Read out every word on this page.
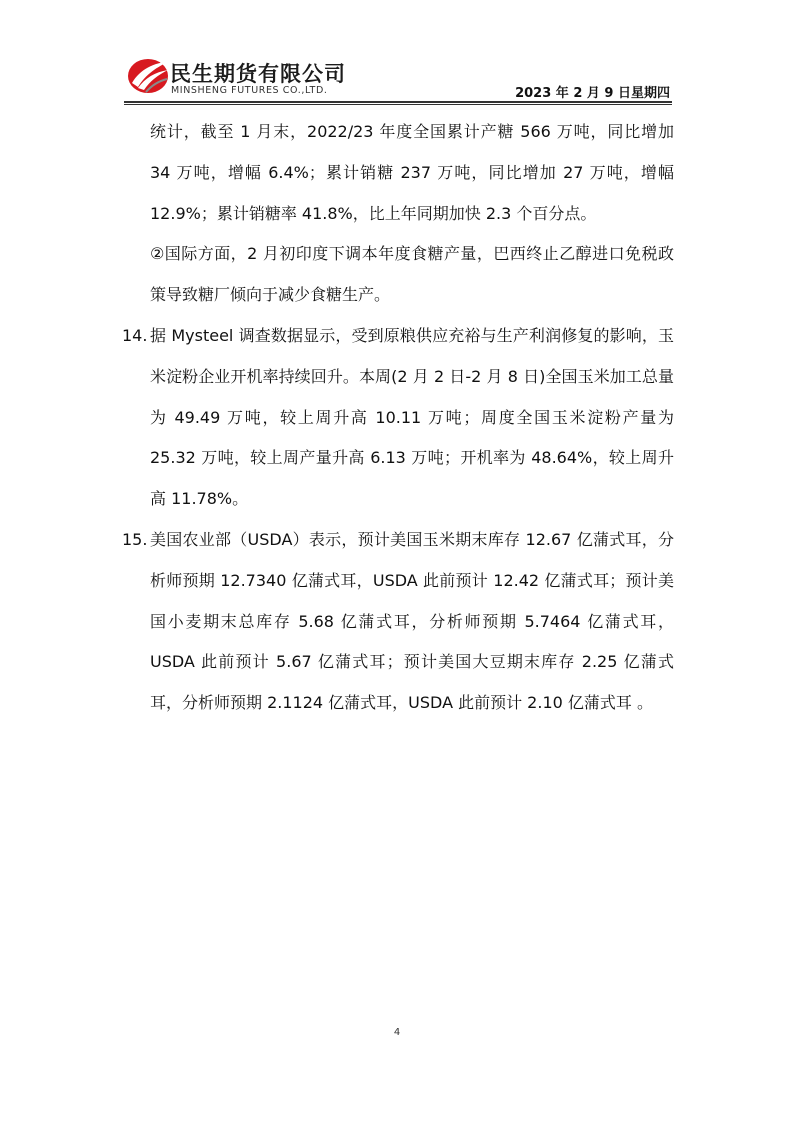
民生期货有限公司
MINSHENG FUTURES CO.,LTD.	2023 年 2 月 9 日星期四

统计，截至 1 月末，2022/23 年度全国累计产糖 566 万吨，同比增加 34 万吨，增幅 6.4%；累计销糖 237 万吨，同比增加 27 万吨，增幅 12.9%；累计销糖率 41.8%，比上年同期加快 2.3 个百分点。

②国际方面，2 月初印度下调本年度食糖产量，巴西终止乙醇进口免税政策导致糖厂倾向于减少食糖生产。

14. 据 Mysteel 调查数据显示，受到原粮供应充裕与生产利润修复的影响，玉米淀粉企业开机率持续回升。本周(2 月 2 日-2 月 8 日)全国玉米加工总量为 49.49 万吨，较上周升高 10.11 万吨；周度全国玉米淀粉产量为 25.32 万吨，较上周产量升高 6.13 万吨；开机率为 48.64%，较上周升高 11.78%。

15. 美国农业部（USDA）表示，预计美国玉米期末库存 12.67 亿蒲式耳，分析师预期 12.7340 亿蒲式耳，USDA 此前预计 12.42 亿蒲式耳；预计美国小麦期末总库存 5.68 亿蒲式耳，分析师预期 5.7464 亿蒲式耳，USDA 此前预计 5.67 亿蒲式耳；预计美国大豆期末库存 2.25 亿蒲式耳，分析师预期 2.1124 亿蒲式耳，USDA 此前预计 2.10 亿蒲式耳 。

4
